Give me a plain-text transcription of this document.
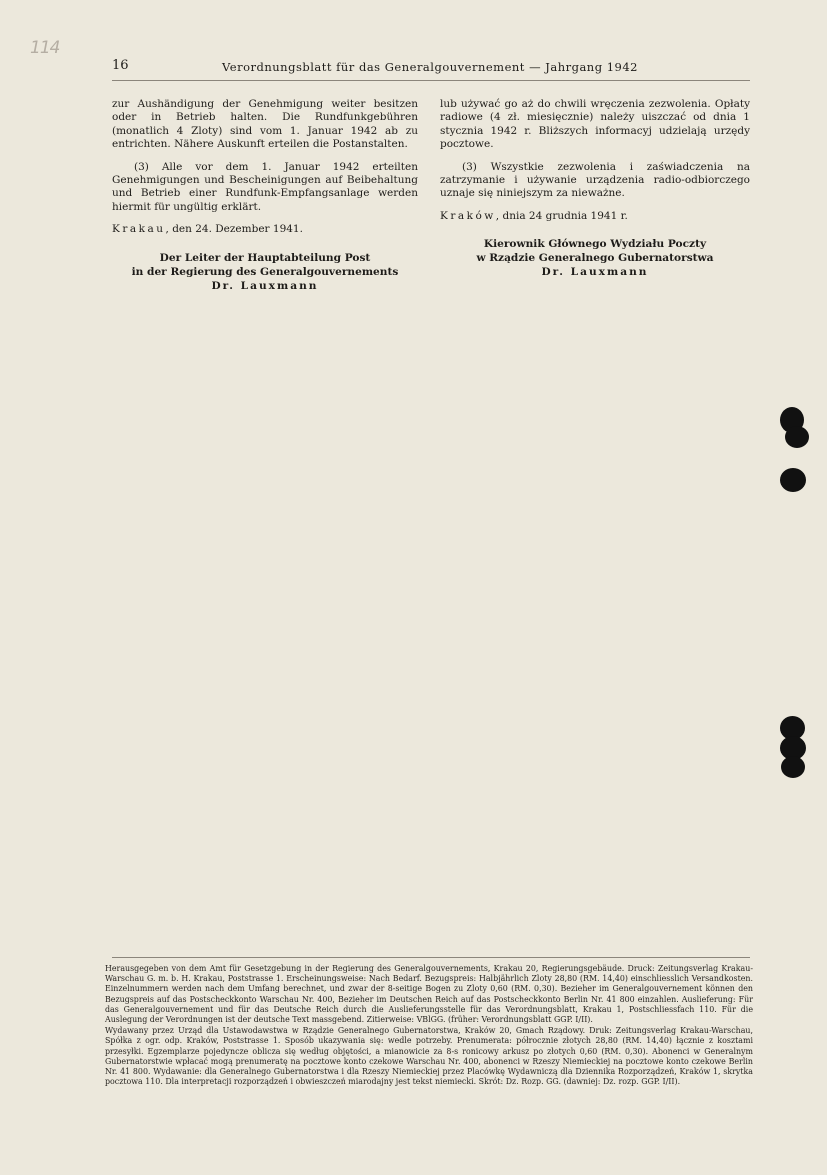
114
16	Verordnungsblatt für das Generalgouvernement — Jahrgang 1942

zur Aushändigung der Genehmigung weiter besitzen oder in Betrieb halten. Die Rundfunkgebühren (monatlich 4 Zloty) sind vom 1. Januar 1942 ab zu entrichten. Nähere Auskunft erteilen die Postanstalten.

(3) Alle vor dem 1. Januar 1942 erteilten Genehmigungen und Bescheinigungen auf Beibehaltung und Betrieb einer Rundfunk-Empfangsanlage werden hiermit für ungültig erklärt.

Krakau, den 24. Dezember 1941.

Der Leiter der Hauptabteilung Post
in der Regierung des Generalgouvernements
Dr. Lauxmann

lub używać go aż do chwili wręczenia zezwolenia. Opłaty radiowe (4 zł. miesięcznie) należy uiszczać od dnia 1 stycznia 1942 r. Bliższych informacyj udzielają urzędy pocztowe.

(3) Wszystkie zezwolenia i zaświadczenia na zatrzymanie i używanie urządzenia radio-odbiorczego uznaje się niniejszym za nieważne.

Kraków, dnia 24 grudnia 1941 r.

Kierownik Głównego Wydziału Poczty
w Rządzie Generalnego Gubernatorstwa
Dr. Lauxmann

Herausgegeben von dem Amt für Gesetzgebung in der Regierung des Generalgouvernements, Krakau 20, Regierungsgebäude. Druck: Zeitungsverlag Krakau-Warschau G. m. b. H. Krakau, Poststrasse 1. Erscheinungsweise: Nach Bedarf. Bezugspreis: Halbjährlich Zloty 28,80 (RM. 14,40) einschliesslich Versandkosten. Einzelnummern werden nach dem Umfang berechnet, und zwar der 8-seitige Bogen zu Zloty 0,60 (RM. 0,30). Bezieher im Generalgouvernement können den Bezugspreis auf das Postscheckkonto Warschau Nr. 400, Bezieher im Deutschen Reich auf das Postscheckkonto Berlin Nr. 41 800 einzahlen. Auslieferung: Für das Generalgouvernement und für das Deutsche Reich durch die Auslieferungsstelle für das Verordnungsblatt, Krakau 1, Postschliessfach 110. Für die Auslegung der Verordnungen ist der deutsche Text massgebend. Zitierweise: VBlGG. (früher: Verordnungsblatt GGP. I/II).

Wydawany przez Urząd dla Ustawodawstwa w Rządzie Generalnego Gubernatorstwa, Kraków 20, Gmach Rządowy. Druk: Zeitungsverlag Krakau-Warschau, Spółka z ogr. odp. Kraków, Poststrasse 1. Sposób ukazywania się: wedle potrzeby. Prenumerata: półrocznie złotych 28,80 (RM. 14,40) łącznie z kosztami przesyłki. Egzemplarze pojedyncze oblicza się według objętości, a mianowicie za 8-s ronicowy arkusz po złotych 0,60 (RM. 0,30). Abonenci w Generalnym Gubernatorstwie wpłacać mogą prenumeratę na pocztowe konto czekowe Warschau Nr. 400, abonenci w Rzeszy Niemieckiej na pocztowe konto czekowe Berlin Nr. 41 800. Wydawanie: dla Generalnego Gubernatorstwa i dla Rzeszy Niemieckiej przez Placówkę Wydawniczą dla Dziennika Rozporządzeń, Kraków 1, skrytka pocztowa 110. Dla interpretacji rozporządzeń i obwieszczeń miarodajny jest tekst niemiecki. Skrót: Dz. Rozp. GG. (dawniej: Dz. rozp. GGP. I/II).
